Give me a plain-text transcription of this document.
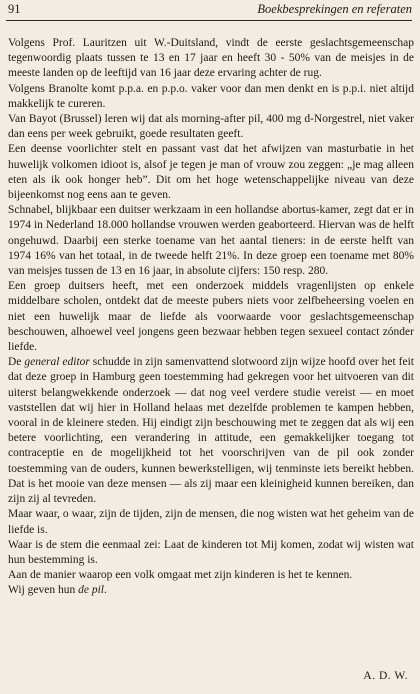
91	Boekbesprekingen en referaten

Volgens Prof. Lauritzen uit W.-Duitsland, vindt de eerste geslachtsgemeenschap tegenwoordig plaats tussen te 13 en 17 jaar en heeft 30 - 50% van de meisjes in de meeste landen op de leeftijd van 16 jaar deze ervaring achter de rug.

Volgens Branolte komt p.p.a. en p.p.o. vaker voor dan men denkt en is p.p.i. niet altijd makkelijk te cureren.

Van Bayot (Brussel) leren wij dat als morning-after pil, 400 mg d-Norgestrel, niet vaker dan eens per week gebruikt, goede resultaten geeft.

Een deense voorlichter stelt en passant vast dat het afwijzen van masturbatie in het huwelijk volkomen idioot is, alsof je tegen je man of vrouw zou zeggen: „je mag alleen eten als ik ook honger heb”. Dit om het hoge wetenschappelijke niveau van deze bijeenkomst nog eens aan te geven.

Schnabel, blijkbaar een duitser werkzaam in een hollandse abortus-kamer, zegt dat er in 1974 in Nederland 18.000 hollandse vrouwen werden geaborteerd. Hiervan was de helft ongehuwd. Daarbij een sterke toename van het aantal tieners: in de eerste helft van 1974 16% van het totaal, in de tweede helft 21%. In deze groep een toename met 80% van meisjes tussen de 13 en 16 jaar, in absolute cijfers: 150 resp. 280.

Een groep duitsers heeft, met een onderzoek middels vragenlijsten op enkele middelbare scholen, ontdekt dat de meeste pubers niets voor zelfbeheersing voelen en niet een huwelijk maar de liefde als voorwaarde voor geslachtsgemeenschap beschouwen, alhoewel veel jongens geen bezwaar hebben tegen sexueel contact zónder liefde.

De general editor schudde in zijn samenvattend slotwoord zijn wijze hoofd over het feit dat deze groep in Hamburg geen toestemming had gekregen voor het uitvoeren van dit uiterst belangwekkende onderzoek — dat nog veel verdere studie vereist — en moet vaststellen dat wij hier in Holland helaas met dezelfde problemen te kampen hebben, vooral in de kleinere steden. Hij eindigt zijn beschouwing met te zeggen dat als wij een betere voorlichting, een verandering in attitude, een gemakkelijker toegang tot contraceptie en de mogelijkheid tot het voorschrijven van de pil ook zonder toestemming van de ouders, kunnen bewerkstelligen, wij tenminste iets bereikt hebben. Dat is het mooie van deze mensen — als zij maar een kleinigheid kunnen bereiken, dan zijn zij al tevreden.

Maar waar, o waar, zijn de tijden, zijn de mensen, die nog wisten wat het geheim van de liefde is.

Waar is de stem die eenmaal zei: Laat de kinderen tot Mij komen, zodat wij wisten wat hun bestemming is.

Aan de manier waarop een volk omgaat met zijn kinderen is het te kennen.

Wij geven hun de pil.

A. D. W.
